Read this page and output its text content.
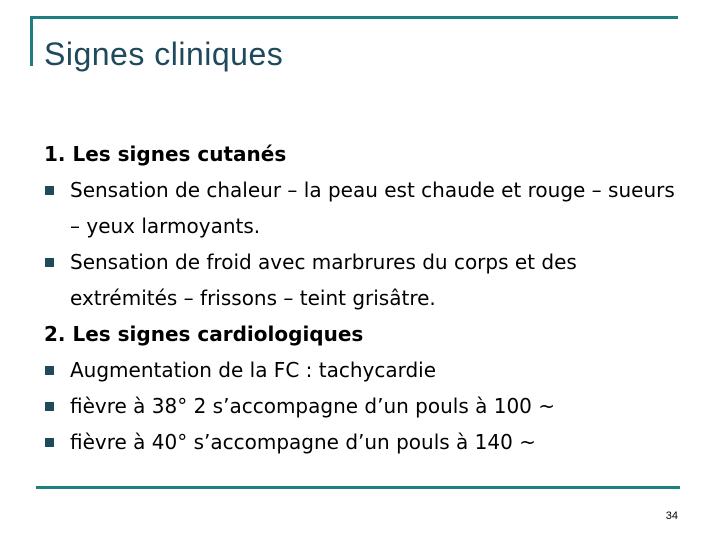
Signes cliniques
1. Les signes cutanés
Sensation de chaleur – la peau est chaude et rouge – sueurs – yeux larmoyants.
Sensation de froid avec marbrures du corps et des extrémités – frissons – teint grisâtre.
2. Les signes cardiologiques
Augmentation de la FC : tachycardie
fièvre à 38° 2 s’accompagne d’un pouls à 100 ~
fièvre à 40° s’accompagne d’un pouls à 140 ~
34
